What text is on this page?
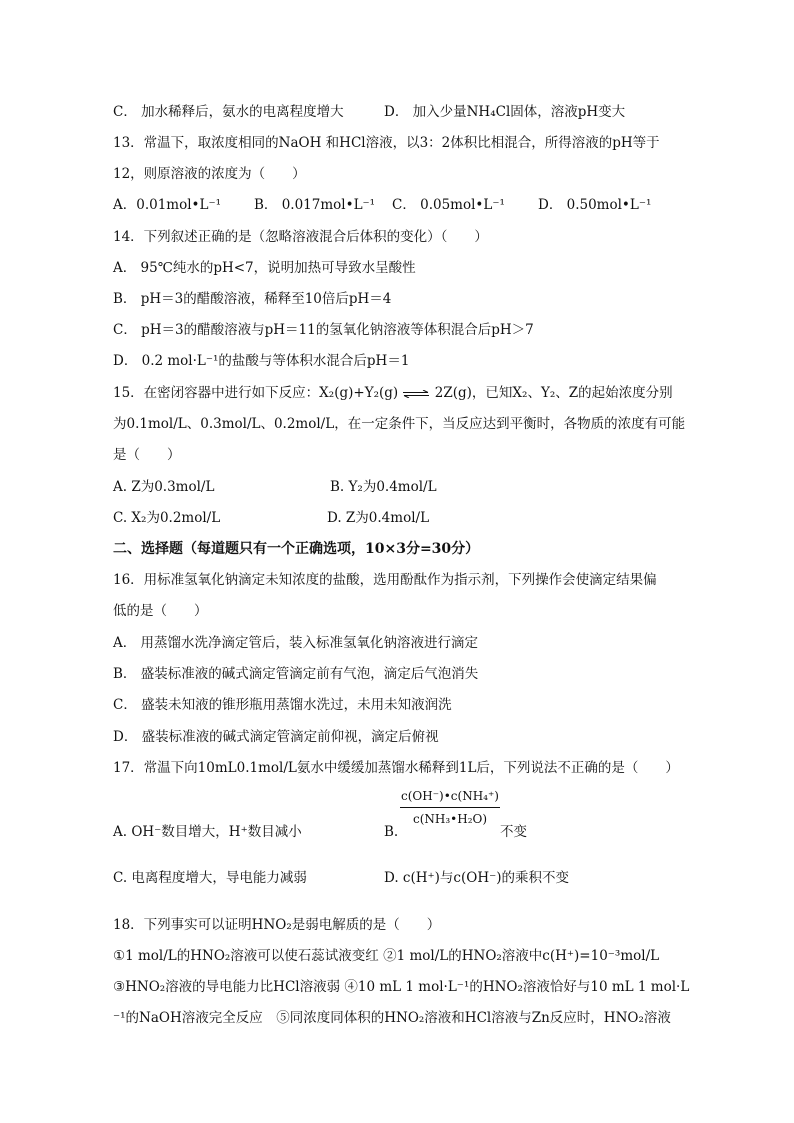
C． 加水稀释后，氨水的电离程度增大	D． 加入少量NH₄Cl固体，溶液pH变大
13．常温下，取浓度相同的NaOH 和HCl溶液，以3：2体积比相混合，所得溶液的pH等于
12，则原溶液的浓度为（　　）
A．0.01mol•L⁻¹ B． 0.017mol•L⁻¹ C． 0.05mol•L⁻¹ D． 0.50mol•L⁻¹
14．下列叙述正确的是（忽略溶液混合后体积的变化）（　　）
A． 95℃纯水的pH<7，说明加热可导致水呈酸性
B． pH＝3的醋酸溶液，稀释至10倍后pH＝4
C． pH＝3的醋酸溶液与pH＝11的氢氧化钠溶液等体积混合后pH＞7
D． 0.2 mol·L⁻¹的盐酸与等体积水混合后pH＝1
15．在密闭容器中进行如下反应：X₂(g)+Y₂(g) ⇌ 2Z(g)，已知X₂、Y₂、Z的起始浓度分别
为0.1mol/L、0.3mol/L、0.2mol/L，在一定条件下，当反应达到平衡时，各物质的浓度有可能
是（　　）
A. Z为0.3mol/L	B. Y₂为0.4mol/L
C. X₂为0.2mol/L	D. Z为0.4mol/L
二、选择题（每道题只有一个正确选项，10×3分=30分）
16．用标准氢氧化钠滴定未知浓度的盐酸，选用酚酞作为指示剂，下列操作会使滴定结果偏
低的是（　　）
A． 用蒸馏水洗净滴定管后，装入标准氢氧化钠溶液进行滴定
B． 盛装标准液的碱式滴定管滴定前有气泡，滴定后气泡消失
C． 盛装未知液的锥形瓶用蒸馏水洗过，未用未知液润洗
D． 盛装标准液的碱式滴定管滴定前仰视，滴定后俯视
17．常温下向10mL0.1mol/L氨水中缓缓加蒸馏水稀释到1L后，下列说法不正确的是（　　）
A. OH⁻数目增大，H⁺数目减小	B.
c(OH⁻)•c(NH₄⁺)
c(NH₃•H₂O)
不变
C. 电离程度增大，导电能力减弱	D. c(H⁺)与c(OH⁻)的乘积不变
18．下列事实可以证明HNO₂是弱电解质的是（　　）
①1 mol/L的HNO₂溶液可以使石蕊试液变红 ②1 mol/L的HNO₂溶液中c(H⁺)=10⁻³mol/L
③HNO₂溶液的导电能力比HCl溶液弱 ④10 mL 1 mol·L⁻¹的HNO₂溶液恰好与10 mL 1 mol·L
⁻¹的NaOH溶液完全反应　⑤同浓度同体积的HNO₂溶液和HCl溶液与Zn反应时，HNO₂溶液
